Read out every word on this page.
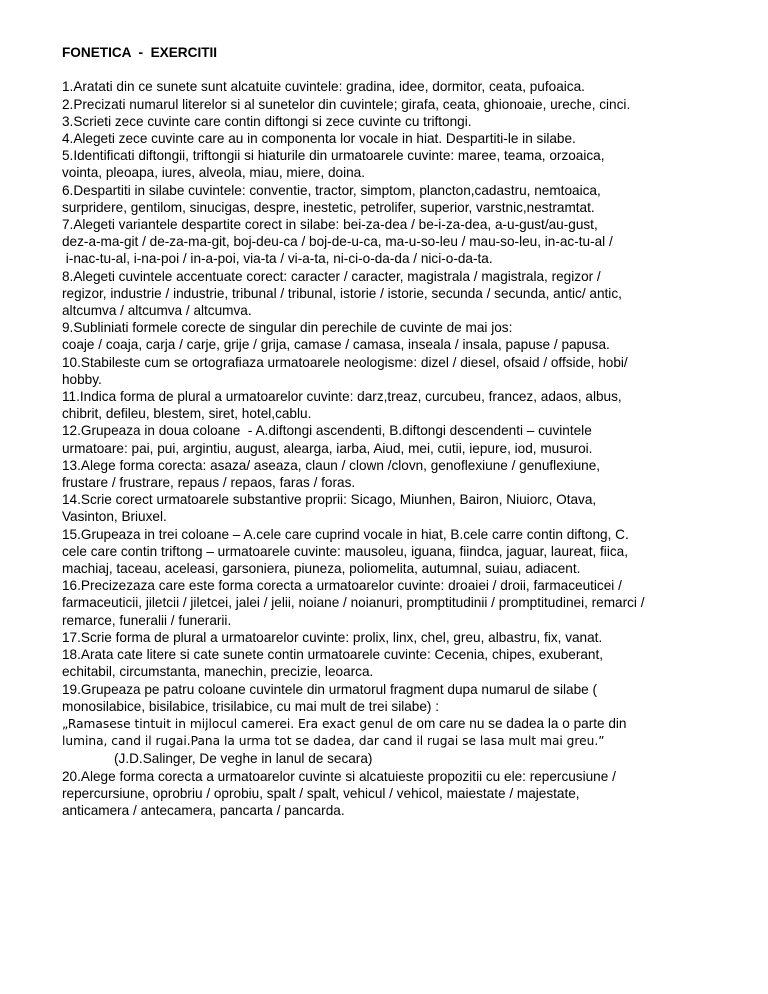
FONETICA  -  EXERCITII
1.Aratati din ce sunete sunt alcatuite cuvintele: gradina, idee, dormitor, ceata, pufoaica.
2.Precizati numarul literelor si al sunetelor din cuvintele; girafa, ceata, ghionoaie, ureche, cinci.
3.Scrieti zece cuvinte care contin diftongi si zece cuvinte cu triftongi.
4.Alegeti zece cuvinte care au in componenta lor vocale in hiat. Despartiti-le in silabe.
5.Identificati diftongii, triftongii si hiaturile din urmatoarele cuvinte: maree, teama, orzoaica,
vointa, pleoapa, iures, alveola, miau, miere, doina.
6.Despartiti in silabe cuvintele: conventie, tractor, simptom, plancton,cadastru, nemtoaica,
surpridere, gentilom, sinucigas, despre, inestetic, petrolifer, superior, varstnic,nestramtat.
7.Alegeti variantele despartite corect in silabe: bei-za-dea / be-i-za-dea, a-u-gust/au-gust,
dez-a-ma-git / de-za-ma-git, boj-deu-ca / boj-de-u-ca, ma-u-so-leu / mau-so-leu, in-ac-tu-al /
i-nac-tu-al, i-na-poi / in-a-poi, via-ta / vi-a-ta, ni-ci-o-da-da / nici-o-da-ta.
8.Alegeti cuvintele accentuate corect: caracter / caracter, magistrala / magistrala, regizor /
regizor, industrie / industrie, tribunal / tribunal, istorie / istorie, secunda / secunda, antic/ antic,
altcumva / altcumva / altcumva.
9.Subliniati formele corecte de singular din perechile de cuvinte de mai jos:
coaje / coaja, carja / carje, grije / grija, camase / camasa, inseala / insala, papuse / papusa.
10.Stabileste cum se ortografiaza urmatoarele neologisme: dizel / diesel, ofsaid / offside, hobi/
hobby.
11.Indica forma de plural a urmatoarelor cuvinte: darz,treaz, curcubeu, francez, adaos, albus,
chibrit, defileu, blestem, siret, hotel,cablu.
12.Grupeaza in doua coloane  - A.diftongi ascendenti, B.diftongi descendenti – cuvintele
urmatoare: pai, pui, argintiu, august, alearga, iarba, Aiud, mei, cutii, iepure, iod, musuroi.
13.Alege forma corecta: asaza/ aseaza, claun / clown /clovn, genoflexiune / genuflexiune,
frustare / frustrare, repaus / repaos, faras / foras.
14.Scrie corect urmatoarele substantive proprii: Sicago, Miunhen, Bairon, Niuiorc, Otava,
Vasinton, Briuxel.
15.Grupeaza in trei coloane – A.cele care cuprind vocale in hiat, B.cele carre contin diftong, C.
cele care contin triftong – urmatoarele cuvinte: mausoleu, iguana, fiindca, jaguar, laureat, fiica,
machiaj, taceau, aceleasi, garsoniera, piuneza, poliomelita, autumnal, suiau, adiacent.
16.Precizezaza care este forma corecta a urmatoarelor cuvinte: droaiei / droii, farmaceuticei /
farmaceuticii, jiletcii / jiletcei, jalei / jelii, noiane / noianuri, promptitudinii / promptitudinei, remarci /
remarce, funeralii / funerarii.
17.Scrie forma de plural a urmatoarelor cuvinte: prolix, linx, chel, greu, albastru, fix, vanat.
18.Arata cate litere si cate sunete contin urmatoarele cuvinte: Cecenia, chipes, exuberant,
echitabil, circumstanta, manechin, precizie, leoarca.
19.Grupeaza pe patru coloane cuvintele din urmatorul fragment dupa numarul de silabe (
monosilabice, bisilabice, trisilabice, cu mai mult de trei silabe) :
„Ramasese tintuit in mijlocul camerei. Era exact genul de om care nu se dadea la o parte din
lumina, cand il rugai.Pana la urma tot se dadea, dar cand il rugai se lasa mult mai greu.”
(J.D.Salinger, De veghe in lanul de secara)
20.Alege forma corecta a urmatoarelor cuvinte si alcatuieste propozitii cu ele: repercusiune /
repercursiune, oprobriu / oprobiu, spalt / spalt, vehicul / vehicol, maiestate / majestate,
anticamera / antecamera, pancarta / pancarda.
